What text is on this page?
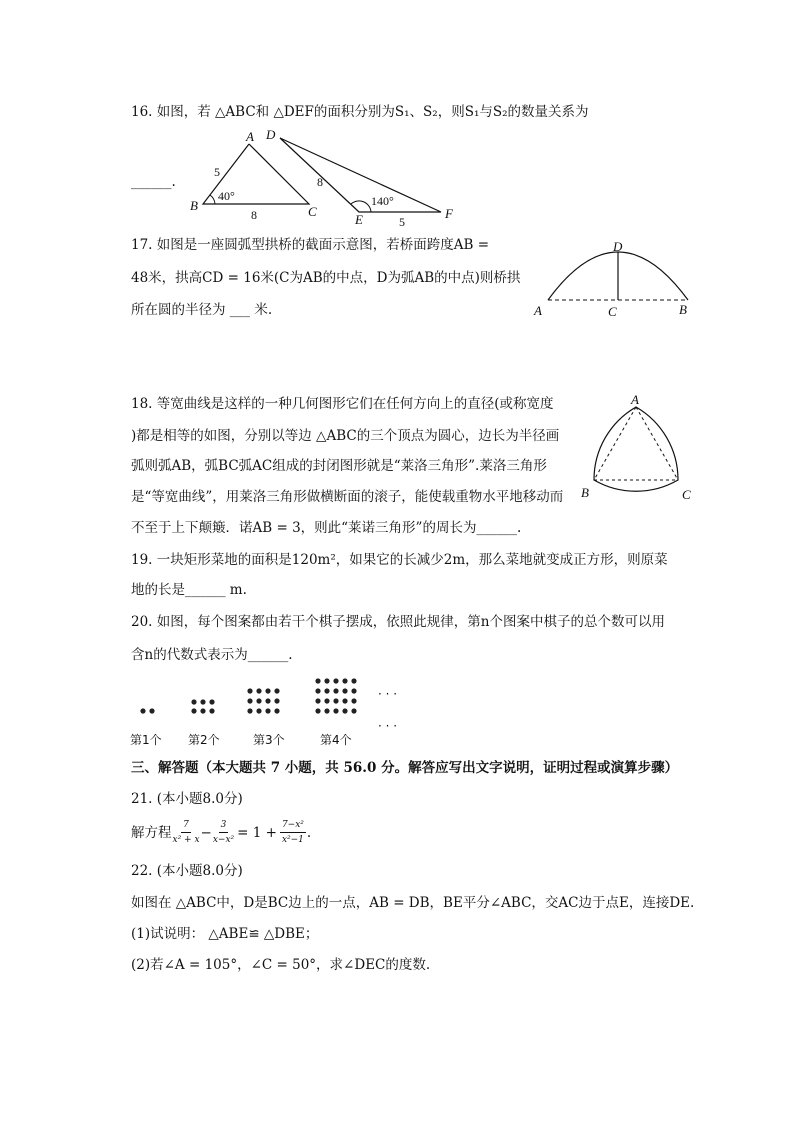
16. 如图，若 △ABC和 △DEF的面积分别为S₁、S₂，则S₁与S₂的数量关系为
______.
A
B	C
5
8
40°
D
E	F
8
5
140°
17. 如图是一座圆弧型拱桥的截面示意图，若桥面跨度AB =
48米，拱高CD = 16米(C为AB的中点，D为弧AB的中点)则桥拱
所在圆的半径为 ___ 米.
D
A	C	B
18. 等宽曲线是这样的一种几何图形它们在任何方向上的直径(或称宽度
)都是相等的如图，分别以等边 △ABC的三个顶点为圆心，边长为半径画
弧则弧AB，弧BC弧AC组成的封闭图形就是“莱洛三角形”.莱洛三角形
是“等宽曲线”，用莱洛三角形做横断面的滚子，能使载重物水平地移动而
不至于上下颠簸．诺AB = 3，则此“莱诺三角形”的周长为______.
A
B	C
19. 一块矩形菜地的面积是120m²，如果它的长减少2m，那么菜地就变成正方形，则原菜
地的长是______ m.
20. 如图，每个图案都由若干个棋子摆成，依照此规律，第n个图案中棋子的总个数可以用
含n的代数式表示为______.
· · ·
· · ·
第1个 第2个	第3个	第4个
三、解答题（本大题共 7 小题，共 56.0 分。解答应写出文字说明，证明过程或演算步骤）
21. (本小题8.0分)
解方程 $\frac{7}{\text{x² + x}} - \frac{3}{\text{x−x²}} = 1 + \frac{\text{7−x²}}{\text{x²−1}}$ .
22. (本小题8.0分)
如图在 △ABC中，D是BC边上的一点，AB = DB，BE平分∠ABC，交AC边于点E，连接DE.
(1)试说明： △ABE≌ △DBE；
(2)若∠A = 105°，∠C = 50°，求∠DEC的度数.
